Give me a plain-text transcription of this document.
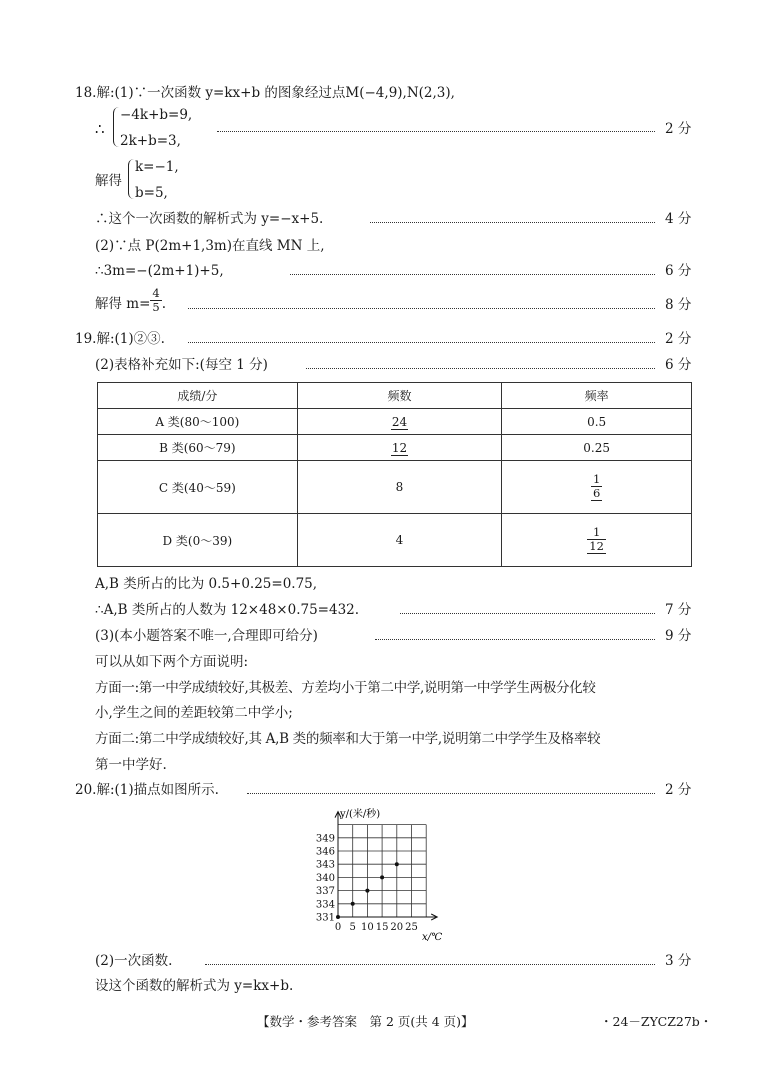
18.解:(1)∵一次函数 y=kx+b 的图象经过点M(−4,9),N(2,3),
∴
−4k+b=9,
2k+b=3,
2 分
解得
k=−1,
b=5,
∴这个一次函数的解析式为 y=−x+5.	4 分
(2)∵点 P(2m+1,3m)在直线 MN 上,
∴3m=−(2m+1)+5,	6 分
解得 $m= \frac{4}{5}$ .	8 分
19.解:(1)②③.	2 分
(2)表格补充如下:(每空 1 分)	6 分
成绩/分	频数	频率
A 类(80～100)	24	0.5
B 类(60～79)	12	0.25
C 类(40～59)	8	$\frac{1}{6}$

D 类(0～39)	4	$\frac{1}{12}$
A,B 类所占的比为 0.5+0.25=0.75,
∴A,B 类所占的人数为 12×48×0.75=432.	7 分
(3)(本小题答案不唯一,合理即可给分)	9 分
可以从如下两个方面说明:
方面一:第一中学成绩较好,其极差、方差均小于第二中学,说明第一中学学生两极分化较
小,学生之间的差距较第二中学小;
方面二:第二中学成绩较好,其 A,B 类的频率和大于第一中学,说明第二中学学生及格率较
第一中学好.
20.解:(1)描点如图所示.	2 分
0 5 10 15 20 25
331
334
337
340
343
346
349
y/(米/秒)
x/℃
(2)一次函数.	3 分
设这个函数的解析式为 y=kx+b.
【数学・参考答案　第 2 页(共 4 页)】	・24－ZYCZ27b・
